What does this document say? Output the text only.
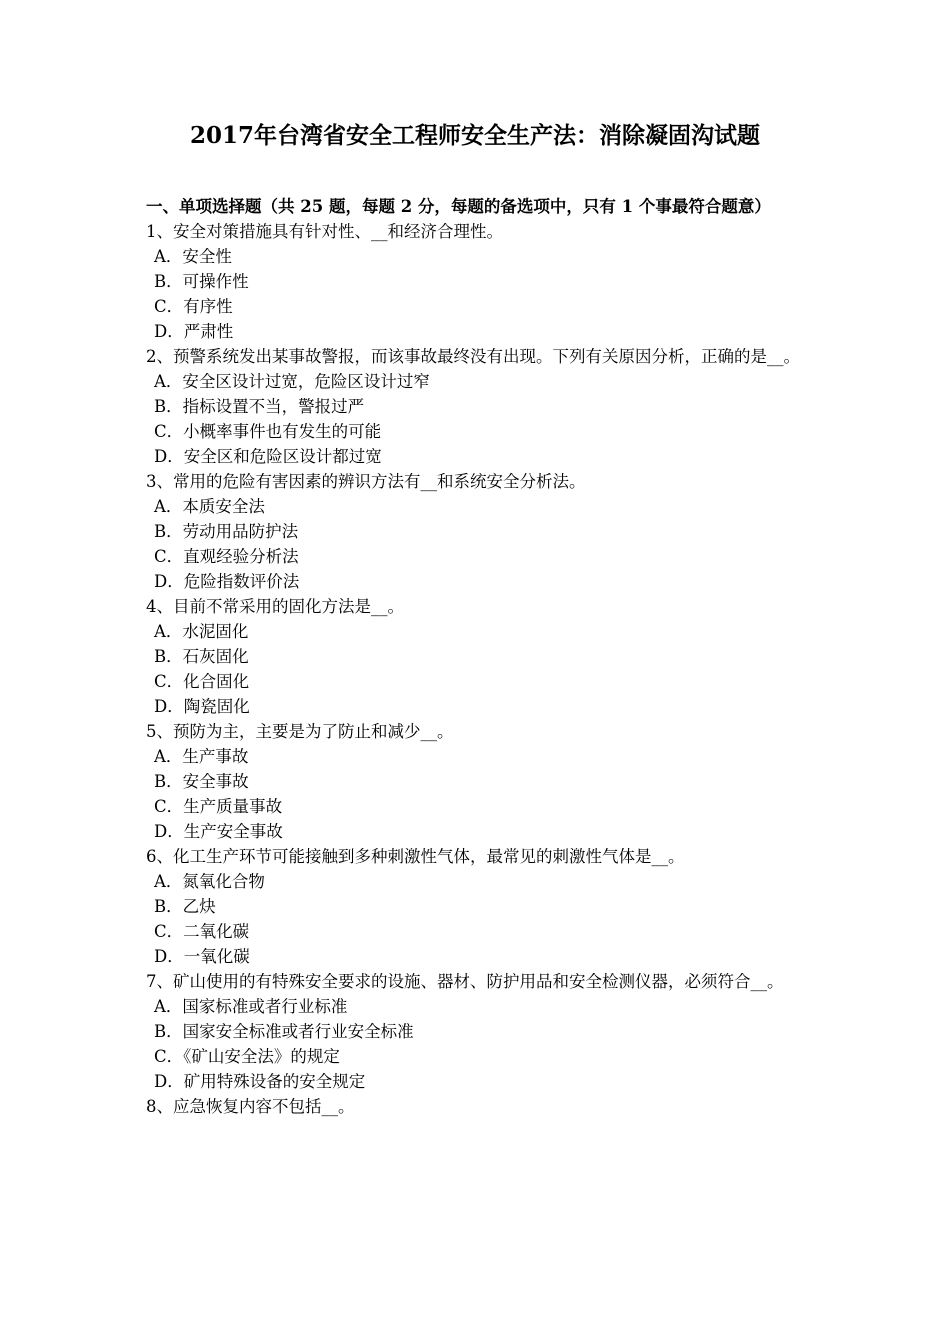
2017年台湾省安全工程师安全生产法：消除凝固沟试题

一、单项选择题（共 25 题，每题 2 分，每题的备选项中，只有 1 个事最符合题意）

1、安全对策措施具有针对性、__和经济合理性。

A．安全性

B．可操作性

C．有序性

D．严肃性

2、预警系统发出某事故警报，而该事故最终没有出现。下列有关原因分析，正确的是__。

A．安全区设计过宽，危险区设计过窄

B．指标设置不当，警报过严

C．小概率事件也有发生的可能

D．安全区和危险区设计都过宽

3、常用的危险有害因素的辨识方法有__和系统安全分析法。

A．本质安全法

B．劳动用品防护法

C．直观经验分析法

D．危险指数评价法

4、目前不常采用的固化方法是__。

A．水泥固化

B．石灰固化

C．化合固化

D．陶瓷固化

5、预防为主，主要是为了防止和减少__。

A．生产事故

B．安全事故

C．生产质量事故

D．生产安全事故

6、化工生产环节可能接触到多种刺激性气体，最常见的刺激性气体是__。

A．氮氧化合物

B．乙炔

C．二氧化碳

D．一氧化碳

7、矿山使用的有特殊安全要求的设施、器材、防护用品和安全检测仪器，必须符合__。

A．国家标准或者行业标准

B．国家安全标准或者行业安全标准

C．《矿山安全法》的规定

D．矿用特殊设备的安全规定

8、应急恢复内容不包括__。
